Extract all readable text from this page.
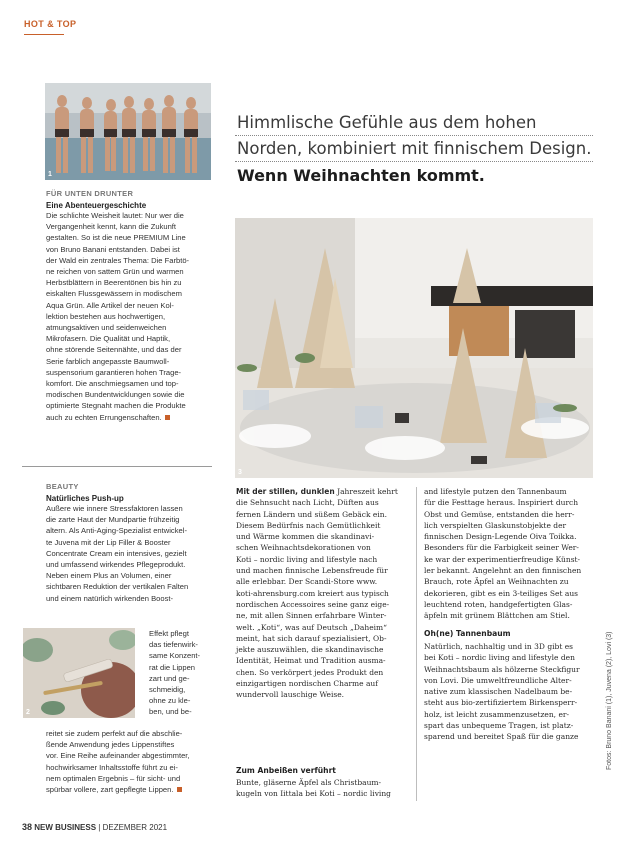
HOT & TOP
1
FÜR UNTEN DRUNTER
Eine Abenteuergeschichte
Die schlichte Weisheit lautet: Nur wer die
Vergangenheit kennt, kann die Zukunft
gestalten. So ist die neue PREMIUM Line
von Bruno Banani entstanden. Dabei ist
der Wald ein zentrales Thema: Die Farbtö-
ne reichen von sattem Grün und warmen
Herbstblättern in Beerentönen bis hin zu
eiskalten Flussgewässern in modischem
Aqua Grün. Alle Artikel der neuen Kol-
lektion bestehen aus hochwertigen,
atmungsaktiven und seidenweichen
Mikrofasern. Die Qualität und Haptik,
ohne störende Seitennähte, und das der
Serie farblich angepasste Baumwoll-
suspensorium garantieren hohen Trage-
komfort. Die anschmiegsamen und top-
modischen Bundentwicklungen sowie die
optimierte Stegnaht machen die Produkte
auch zu echten Errungenschaften.
BEAUTY
Natürliches Push-up
Außere wie innere Stressfaktoren lassen
die zarte Haut der Mundpartie frühzeitig
altern. Als Anti-Aging-Spezialist entwickel-
te Juvena mit der Lip Filler & Booster
Concentrate Cream ein intensives, gezielt
und umfassend wirkendes Pflegeprodukt.
Neben einem Plus an Volumen, einer
sichtbaren Reduktion der vertikalen Falten
und einem natürlich wirkenden Boost-
2
Effekt pflegt
das tiefenwirk-
same Konzent-
rat die Lippen
zart und ge-
schmeidig,
ohne zu kle-
ben, und be-
reitet sie zudem perfekt auf die abschlie-
ßende Anwendung jedes Lippenstiftes
vor. Eine Reihe aufeinander abgestimmter,
hochwirksamer Inhaltsstoffe führt zu ei-
nem optimalen Ergebnis – für sicht- und
spürbar vollere, zart gepflegte Lippen.
Himmlische Gefühle aus dem hohen
Norden, kombiniert mit finnischem Design.
Wenn Weihnachten kommt.
3
Mit der stillen, dunklen Jahreszeit kehrt
die Sehnsucht nach Licht, Düften aus
fernen Ländern und süßem Gebäck ein.
Diesem Bedürfnis nach Gemütlichkeit
und Wärme kommen die skandinavi-
schen Weihnachtsdekorationen von
Koti – nordic living and lifestyle nach
und machen finnische Lebensfreude für
alle erlebbar. Der Scandi-Store www.
koti-ahrensburg.com kreiert aus typisch
nordischen Accessoires seine ganz eige-
ne, mit allen Sinnen erfahrbare Winter-
welt. „Koti“, was auf Deutsch „Daheim“
meint, hat sich darauf spezialisiert, Ob-
jekte auszuwählen, die skandinavische
Identität, Heimat und Tradition ausma-
chen. So verkörpert jedes Produkt den
einzigartigen nordischen Charme auf
wundervoll lauschige Weise.
Zum Anbeißen verführt
Bunte, gläserne Äpfel als Christbaum-
kugeln von Iittala bei Koti – nordic living
and lifestyle putzen den Tannenbaum
für die Festtage heraus. Inspiriert durch
Obst und Gemüse, entstanden die herr-
lich verspielten Glaskunstobjekte der
finnischen Design-Legende Oiva Toikka.
Besonders für die Farbigkeit seiner Wer-
ke war der experimentierfreudige Künst-
ler bekannt. Angelehnt an den finnischen
Brauch, rote Äpfel an Weihnachten zu
dekorieren, gibt es ein 3-teiliges Set aus
leuchtend roten, handgefertigten Glas-
äpfeln mit grünem Blättchen am Stiel.
Oh(ne) Tannenbaum
Natürlich, nachhaltig und in 3D gibt es
bei Koti – nordic living and lifestyle den
Weihnachtsbaum als hölzerne Steckfigur
von Lovi. Die umweltfreundliche Alter-
native zum klassischen Nadelbaum be-
steht aus bio-zertifiziertem Birkensperr-
holz, ist leicht zusammenzusetzen, er-
spart das unbequeme Tragen, ist platz-
sparend und bereitet Spaß für die ganze	Fotos: Bruno Banani (1), Juvena (2), Lovi (3)
38 NEW BUSINESS | DEZEMBER 2021
